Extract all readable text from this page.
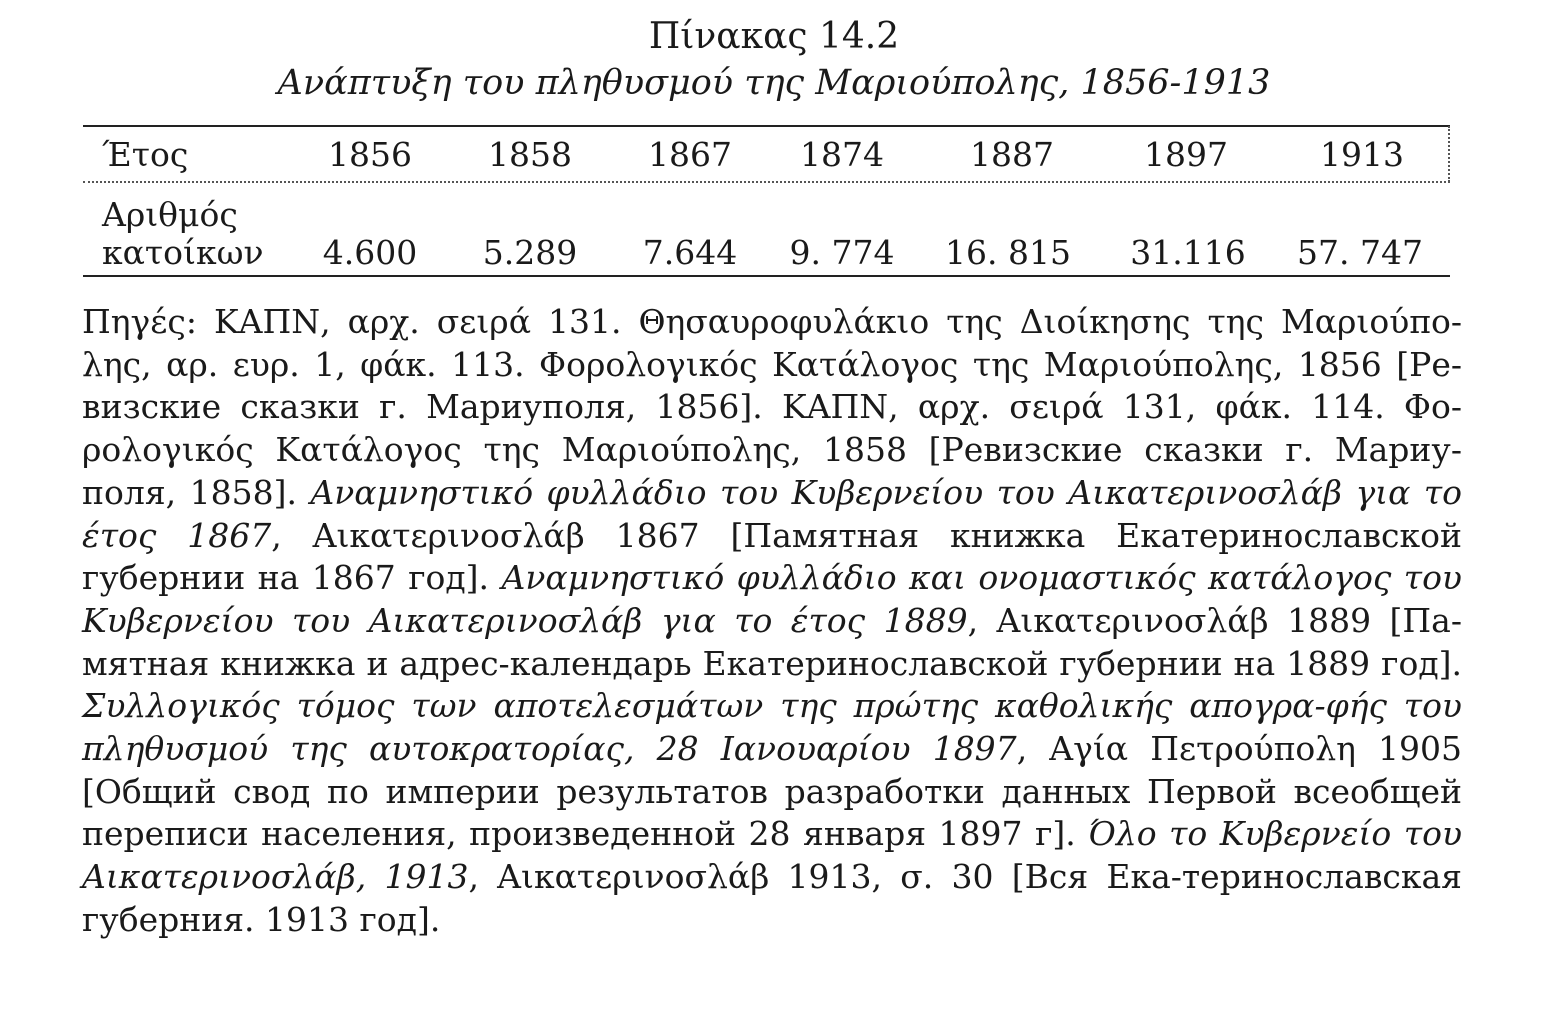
Πίνακας 14.2
Ανάπτυξη του πληθυσμού της Μαριούπολης, 1856-1913
Έτος	1856	1858	1867	1874	1887	1897	1913
Αριθμός
κατοίκων	4.600	5.289	7.644	9. 774	16. 815	31.116	57. 747
Πηγές: ΚΑΠΝ, αρχ. σειρά 131. Θησαυροφυλάκιο της Διοίκησης της Μαριούπο-λης, αρ. ευρ. 1, φάκ. 113. Φορολογικός Κατάλογος της Μαριούπολης, 1856 [Ре-визские сказки г. Мариуполя, 1856]. ΚΑΠΝ, αρχ. σειρά 131, φάκ. 114. Φο-ρολογικός Κατάλογος της Μαριούπολης, 1858 [Ревизские сказки г. Мариу-поля, 1858]. Αναμνηστικό φυλλάδιο του Κυβερνείου του Αικατερινοσλάβ για το έτος 1867, Αικατερινοσλάβ 1867 [Памятная книжка Екатеринославской губернии на 1867 год]. Αναμνηστικό φυλλάδιο και ονομαστικός κατάλογος του Κυβερνείου του Αικατερινοσλάβ για το έτος 1889, Αικατερινοσλάβ 1889 [Па-мятная книжка и адрес-календарь Екатеринославской губернии на 1889 год]. Συλλογικός τόμος των αποτελεσμάτων της πρώτης καθολικής απογρα-φής του πληθυσμού της αυτοκρατορίας, 28 Ιανουαρίου 1897, Αγία Πετρούπολη 1905 [Общий свод по империи результатов разработки данных Первой всеобщей переписи населения, произведенной 28 января 1897 г]. Όλο το Κυβερνείο του Αικατερινοσλάβ, 1913, Αικατερινοσλάβ 1913, σ. 30 [Вся Ека-теринославская губерния. 1913 год].
